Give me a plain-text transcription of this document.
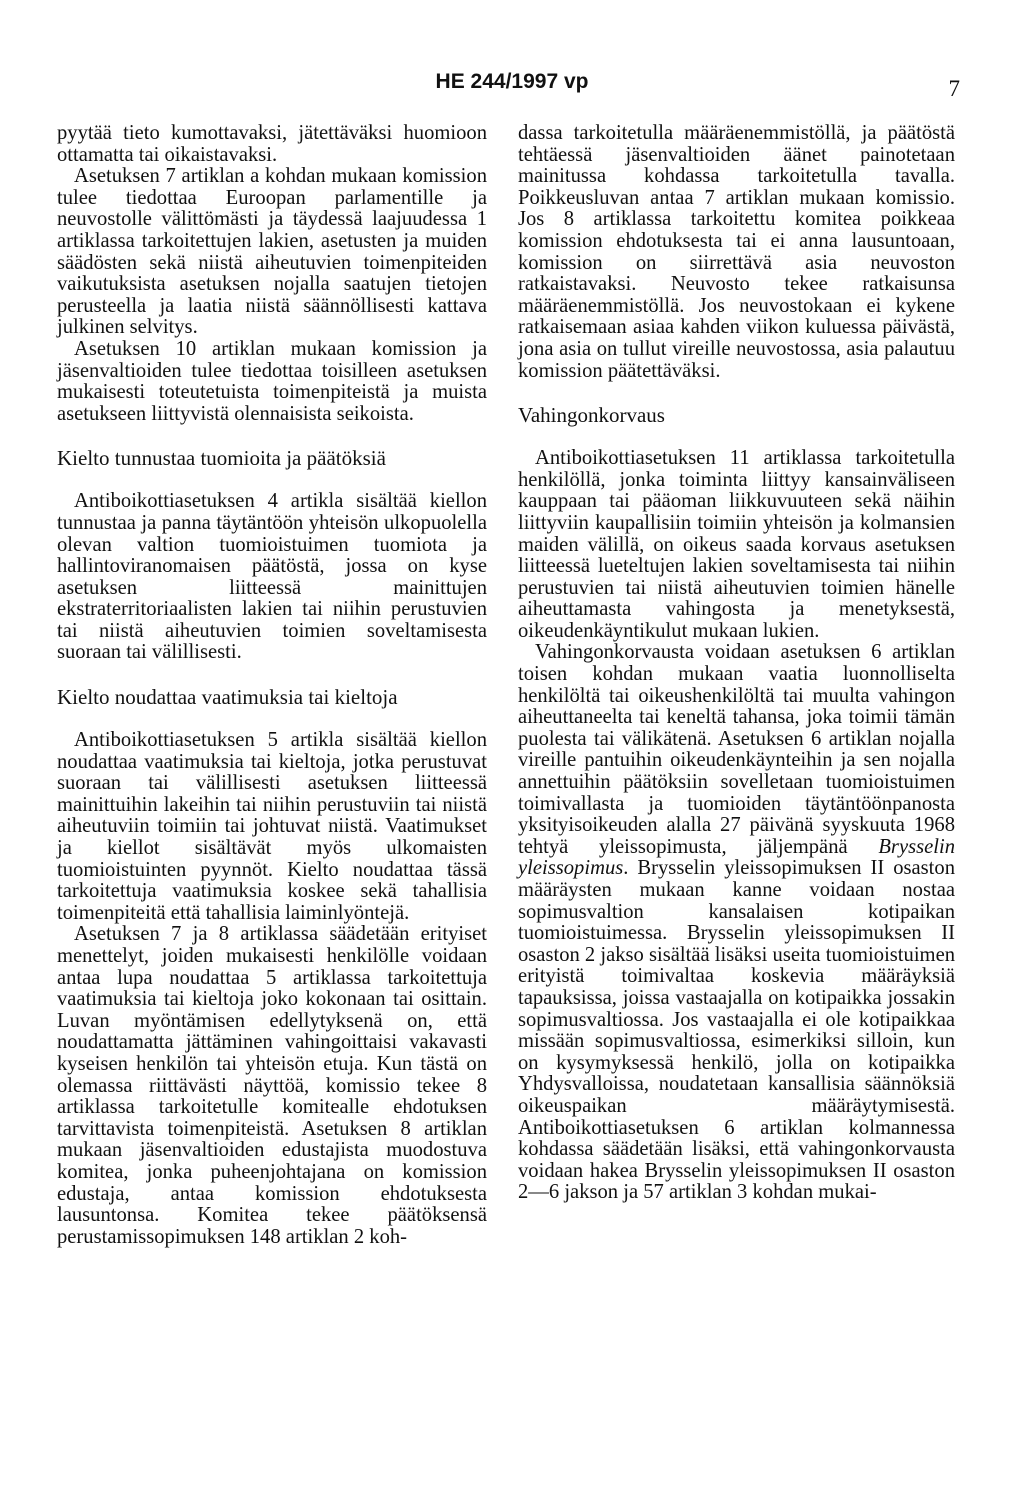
HE 244/1997 vp	7

pyytää tieto kumottavaksi, jätettäväksi huomioon ottamatta tai oikaistavaksi.

Asetuksen 7 artiklan a kohdan mukaan komission tulee tiedottaa Euroopan parlamentille ja neuvostolle välittömästi ja täydessä laajuudessa 1 artiklassa tarkoitettujen lakien, asetusten ja muiden säädösten sekä niistä aiheutuvien toimenpiteiden vaikutuksista asetuksen nojalla saatujen tietojen perusteella ja laatia niistä säännöllisesti kattava julkinen selvitys.

Asetuksen 10 artiklan mukaan komission ja jäsenvaltioiden tulee tiedottaa toisilleen asetuksen mukaisesti toteutetuista toimenpiteistä ja muista asetukseen liittyvistä olennaisista seikoista.

Kielto tunnustaa tuomioita ja päätöksiä

Antiboikottiasetuksen 4 artikla sisältää kiellon tunnustaa ja panna täytäntöön yhteisön ulkopuolella olevan valtion tuomioistuimen tuomiota ja hallintoviranomaisen päätöstä, jossa on kyse asetuksen liitteessä mainittujen ekstraterritoriaalisten lakien tai niihin perustuvien tai niistä aiheutuvien toimien soveltamisesta suoraan tai välillisesti.

Kielto noudattaa vaatimuksia tai kieltoja

Antiboikottiasetuksen 5 artikla sisältää kiellon noudattaa vaatimuksia tai kieltoja, jotka perustuvat suoraan tai välillisesti asetuksen liitteessä mainittuihin lakeihin tai niihin perustuviin tai niistä aiheutuviin toimiin tai johtuvat niistä. Vaatimukset ja kiellot sisältävät myös ulkomaisten tuomioistuinten pyynnöt. Kielto noudattaa tässä tarkoitettuja vaatimuksia koskee sekä tahallisia toimenpiteitä että tahallisia laiminlyöntejä.

Asetuksen 7 ja 8 artiklassa säädetään erityiset menettelyt, joiden mukaisesti henkilölle voidaan antaa lupa noudattaa 5 artiklassa tarkoitettuja vaatimuksia tai kieltoja joko kokonaan tai osittain. Luvan myöntämisen edellytyksenä on, että noudattamatta jättäminen vahingoittaisi vakavasti kyseisen henkilön tai yhteisön etuja. Kun tästä on olemassa riittävästi näyttöä, komissio tekee 8 artiklassa tarkoitetulle komitealle ehdotuksen tarvittavista toimenpiteistä. Asetuksen 8 artiklan mukaan jäsenvaltioiden edustajista muodostuva komitea, jonka puheenjohtajana on komission edustaja, antaa komission ehdotuksesta lausuntonsa. Komitea tekee päätöksensä perustamissopimuksen 148 artiklan 2 koh-

dassa tarkoitetulla määräenemmistöllä, ja päätöstä tehtäessä jäsenvaltioiden äänet painotetaan mainitussa kohdassa tarkoitetulla tavalla. Poikkeusluvan antaa 7 artiklan mukaan komissio. Jos 8 artiklassa tarkoitettu komitea poikkeaa komission ehdotuksesta tai ei anna lausuntoaan, komission on siirrettävä asia neuvoston ratkaistavaksi. Neuvosto tekee ratkaisunsa määräenemmistöllä. Jos neuvostokaan ei kykene ratkaisemaan asiaa kahden viikon kuluessa päivästä, jona asia on tullut vireille neuvostossa, asia palautuu komission päätettäväksi.

Vahingonkorvaus

Antiboikottiasetuksen 11 artiklassa tarkoitetulla henkilöllä, jonka toiminta liittyy kansainväliseen kauppaan tai pääoman liikkuvuuteen sekä näihin liittyviin kaupallisiin toimiin yhteisön ja kolmansien maiden välillä, on oikeus saada korvaus asetuksen liitteessä lueteltujen lakien soveltamisesta tai niihin perustuvien tai niistä aiheutuvien toimien hänelle aiheuttamasta vahingosta ja menetyksestä, oikeudenkäyntikulut mukaan lukien.

Vahingonkorvausta voidaan asetuksen 6 artiklan toisen kohdan mukaan vaatia luonnolliselta henkilöltä tai oikeushenkilöltä tai muulta vahingon aiheuttaneelta tai keneltä tahansa, joka toimii tämän puolesta tai välikätenä. Asetuksen 6 artiklan nojalla vireille pantuihin oikeudenkäynteihin ja sen nojalla annettuihin päätöksiin sovelletaan tuomioistuimen toimivallasta ja tuomioiden täytäntöönpanosta yksityisoikeuden alalla 27 päivänä syyskuuta 1968 tehtyä yleissopimusta, jäljempänä Brysselin yleissopimus. Brysselin yleissopimuksen II osaston määräysten mukaan kanne voidaan nostaa sopimusvaltion kansalaisen kotipaikan tuomioistuimessa. Brysselin yleissopimuksen II osaston 2 jakso sisältää lisäksi useita tuomioistuimen erityistä toimivaltaa koskevia määräyksiä tapauksissa, joissa vastaajalla on kotipaikka jossakin sopimusvaltiossa. Jos vastaajalla ei ole kotipaikkaa missään sopimusvaltiossa, esimerkiksi silloin, kun on kysymyksessä henkilö, jolla on kotipaikka Yhdysvalloissa, noudatetaan kansallisia säännöksiä oikeuspaikan määräytymisestä. Antiboikottiasetuksen 6 artiklan kolmannessa kohdassa säädetään lisäksi, että vahingonkorvausta voidaan hakea Brysselin yleissopimuksen II osaston 2—6 jakson ja 57 artiklan 3 kohdan mukai-
